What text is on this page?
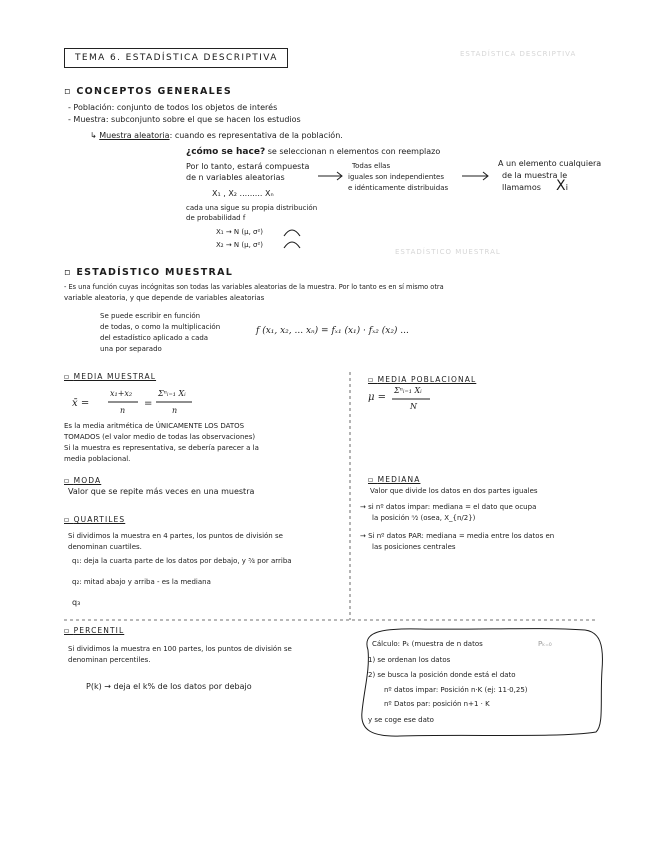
ESTADÍSTICA DESCRIPTIVA
ESTADÍSTICO MUESTRAL
TEMA 6. ESTADÍSTICA DESCRIPTIVA
▫ CONCEPTOS GENERALES
- Población: conjunto de todos los objetos de interés
- Muestra: subconjunto sobre el que se hacen los estudios
↳ Muestra aleatoria: cuando es representativa de la población.
¿cómo se hace? se seleccionan n elementos con reemplazo
Por lo tanto, estará compuesta
de n variables aleatorias
X₁ , X₂ ......... Xₙ
Todas ellas
iguales son independientes
e idénticamente distribuidas
A un elemento cualquiera
de la muestra le
llamamos Xᵢ
cada una sigue su propia distribución
de probabilidad f
X₁ → N (μ, σ²)
X₂ → N (μ, σ²)
▫ ESTADÍSTICO MUESTRAL
- Es una función cuyas incógnitas son todas las variables aleatorias de la muestra. Por lo tanto es en sí mismo otra
variable aleatoria, y que depende de variables aleatorias
Se puede escribir en función
de todas, o como la multiplicación
del estadístico aplicado a cada
una por separado
f (x₁, x₂, ... xₙ) = fₓ₁ (x₁) · fₓ₂ (x₂) ...
▫ MEDIA MUESTRAL
x̄ =
x₁+x₂
n
=
Σⁿᵢ₌₁ Xᵢ
n
Es la media aritmética de ÚNICAMENTE LOS DATOS
TOMADOS (el valor medio de todas las observaciones)
Si la muestra es representativa, se debería parecer a la
media poblacional.
▫ MEDIA POBLACIONAL
μ =
Σⁿᵢ₌₁ Xᵢ
N
▫ MODA
Valor que se repite más veces en una muestra
▫ MEDIANA
Valor que divide los datos en dos partes iguales
→ si nº datos impar: mediana = el dato que ocupa
la posición ⁿ⁄₂ (osea, X_{n/2})
→ Si nº datos PAR: mediana = media entre los datos en
las posiciones centrales
▫ QUARTILES
Si dividimos la muestra en 4 partes, los puntos de división se
denominan cuartiles.
q₁: deja la cuarta parte de los datos por debajo, y ³⁄₄ por arriba
q₂: mitad abajo y arriba - es la mediana
q₃
▫ PERCENTIL
Si dividimos la muestra en 100 partes, los puntos de división se
denominan percentiles.
P(k) → deja el k% de los datos por debajo
Cálculo: Pₖ (muestra de n datos	Pₖ₌₀
1) se ordenan los datos
2) se busca la posición donde está el dato
nº datos impar: Posición n·K (ej: 11·0,25)
nº Datos par: posición n+1 · K
y se coge ese dato
